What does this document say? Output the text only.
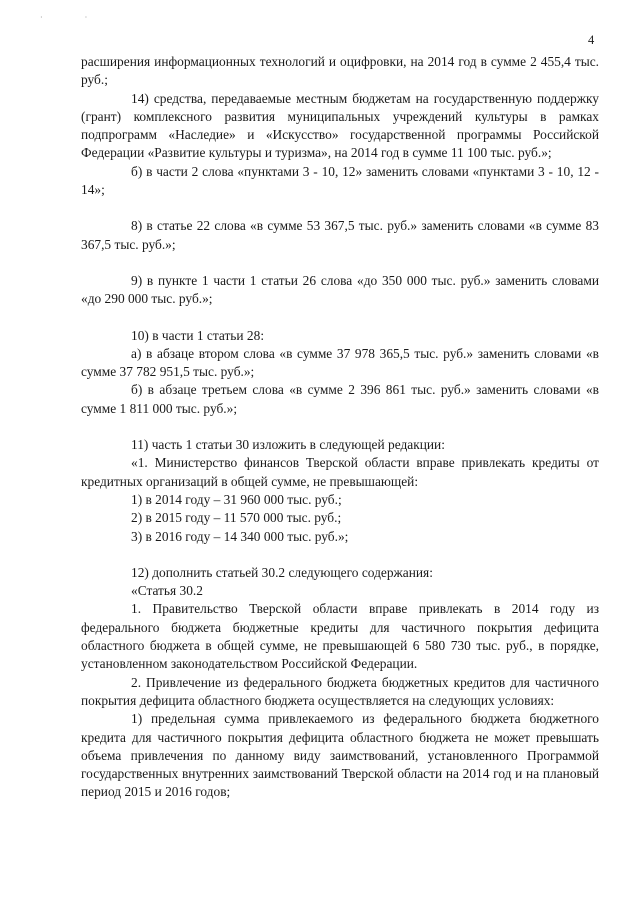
· ·
4

расширения информационных технологий и оцифровки, на 2014 год в сумме 2 455,4 тыс. руб.;

14) средства, передаваемые местным бюджетам на государственную поддержку (грант) комплексного развития муниципальных учреждений культуры в рамках подпрограмм «Наследие» и «Искусство» государственной программы Российской Федерации «Развитие культуры и туризма», на 2014 год в сумме 11 100 тыс. руб.»;

б) в части 2 слова «пунктами 3 - 10, 12» заменить словами «пунктами 3 - 10, 12 - 14»;

8) в статье 22 слова «в сумме 53 367,5 тыс. руб.» заменить словами «в сумме 83 367,5 тыс. руб.»;

9) в пункте 1 части 1 статьи 26 слова «до 350 000 тыс. руб.» заменить словами «до 290 000 тыс. руб.»;

10) в части 1 статьи 28:

а) в абзаце втором слова «в сумме 37 978 365,5 тыс. руб.» заменить словами «в сумме 37 782 951,5 тыс. руб.»;

б) в абзаце третьем слова «в сумме 2 396 861 тыс. руб.» заменить словами «в сумме 1 811 000 тыс. руб.»;

11) часть 1 статьи 30 изложить в следующей редакции:

«1. Министерство финансов Тверской области вправе привлекать кредиты от кредитных организаций в общей сумме, не превышающей:

1) в 2014 году – 31 960 000 тыс. руб.;

2) в 2015 году – 11 570 000 тыс. руб.;

3) в 2016 году – 14 340 000 тыс. руб.»;

12) дополнить статьей 30.2 следующего содержания:

«Статья 30.2

1. Правительство Тверской области вправе привлекать в 2014 году из федерального бюджета бюджетные кредиты для частичного покрытия дефицита областного бюджета в общей сумме, не превышающей 6 580 730 тыс. руб., в порядке, установленном законодательством Российской Федерации.

2. Привлечение из федерального бюджета бюджетных кредитов для частичного покрытия дефицита областного бюджета осуществляется на следующих условиях:

1) предельная сумма привлекаемого из федерального бюджета бюджетного кредита для частичного покрытия дефицита областного бюджета не может превышать объема привлечения по данному виду заимствований, установленного Программой государственных внутренних заимствований Тверской области на 2014 год и на плановый период 2015 и 2016 годов;
